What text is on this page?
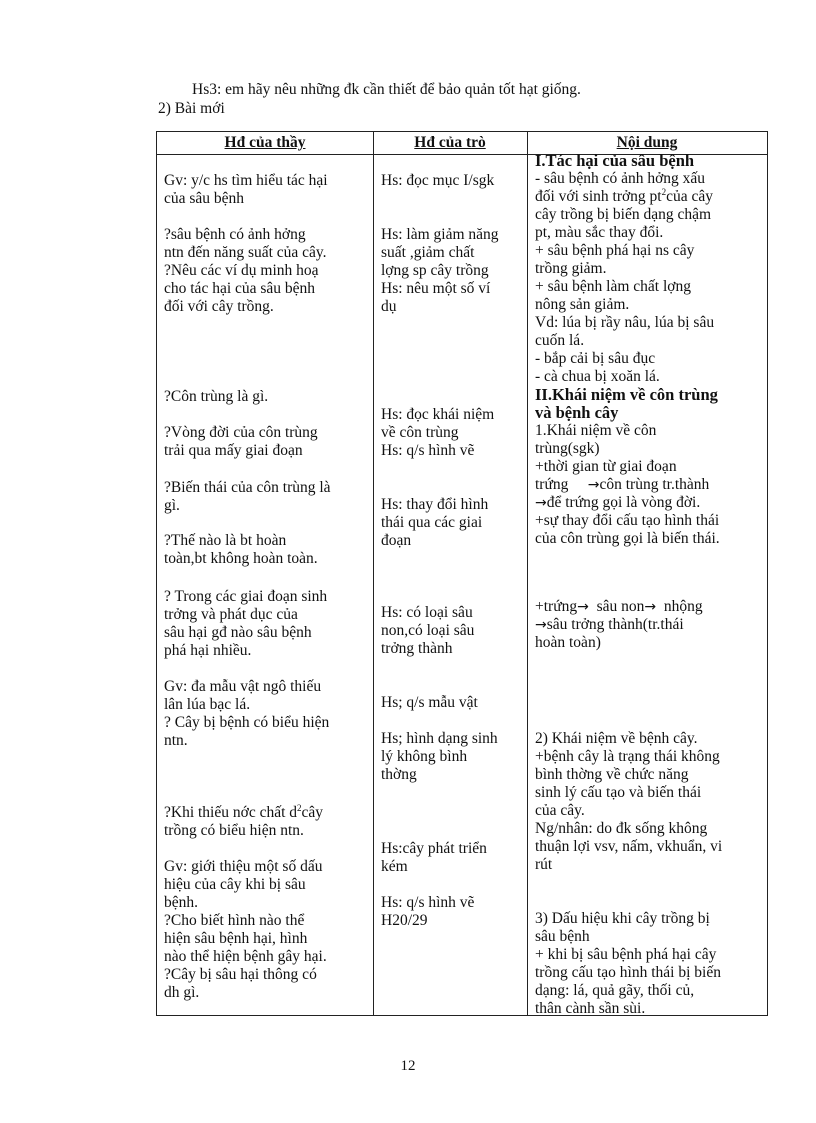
Hs3: em hãy nêu những đk cần thiết để bảo quản tốt hạt giống.
2) Bài mới
Hđ của thầy	Hđ của trò	Nội dung
Gv: y/c hs tìm hiểu tác hại
của sâu bệnh
?sâu bệnh có ảnh hởng
ntn đến năng suất của cây.
?Nêu các ví dụ minh hoạ
cho tác hại của sâu bệnh
đối với cây trồng.
?Côn trùng là gì.
?Vòng đời của côn trùng
trải qua mấy giai đoạn
?Biến thái của côn trùng là
gì.
?Thế nào là bt hoàn
toàn,bt không hoàn toàn.
? Trong các giai đoạn sinh
trởng và phát dục của
sâu hại gđ nào sâu bệnh
phá hại nhiều.
Gv: đa mẫu vật ngô thiếu
lân lúa bạc lá.
? Cây bị bệnh có biểu hiện
ntn.
?Khi thiếu nớc chất $d^2cây$
trồng có biểu hiện ntn.
Gv: giới thiệu một số dấu
hiệu của cây khi bị sâu
bệnh.
?Cho biết hình nào thể
hiện sâu bệnh hại, hình
nào thể hiện bệnh gây hại.
?Cây bị sâu hại thông có
dh gì.
Hs: đọc mục I/sgk
Hs: làm giảm năng
suất ,giảm chất
lợng sp cây trồng
Hs: nêu một số ví
dụ
Hs: đọc khái niệm
về côn trùng
Hs: q/s hình vẽ
Hs: thay đổi hình
thái qua các giai
đoạn
Hs: có loại sâu
non,có loại sâu
trởng thành
Hs; q/s mẫu vật
Hs; hình dạng sinh
lý không bình
thờng
Hs:cây phát triển
kém
Hs: q/s hình vẽ
H20/29
I.Tác hại của sâu bệnh
- sâu bệnh có ảnh hởng xấu
đối với sinh trởng $pt^2của$ cây
cây trồng bị biến dạng chậm
pt, màu sắc thay đổi.
+ sâu bệnh phá hại ns cây
trồng giảm.
+ sâu bệnh làm chất lợng
nông sản giảm.
Vd: lúa bị rầy nâu, lúa bị sâu
cuốn lá.
- bắp cải bị sâu đục
- cà chua bị xoăn lá.
II.Khái niệm về côn trùng
và bệnh cây
1.Khái niệm về côn
trùng(sgk)
+thời gian từ giai đoạn
trứng →côn trùng tr.thành
→để trứng gọi là vòng đời.
+sự thay đổi cấu tạo hình thái
của côn trùng gọi là biến thái.
+trứng→ sâu non→ nhộng
→sâu trởng thành(tr.thái
hoàn toàn)
2) Khái niệm về bệnh cây.
+bệnh cây là trạng thái không
bình thờng về chức năng
sinh lý cấu tạo và biến thái
của cây.
Ng/nhân: do đk sống không
thuận lợi vsv, nấm, vkhuẩn, vi
rút
3) Dấu hiệu khi cây trồng bị
sâu bệnh
+ khi bị sâu bệnh phá hại cây
trồng cấu tạo hình thái bị biến
dạng: lá, quả gãy, thối củ,
thân cành sần sùi.
12
